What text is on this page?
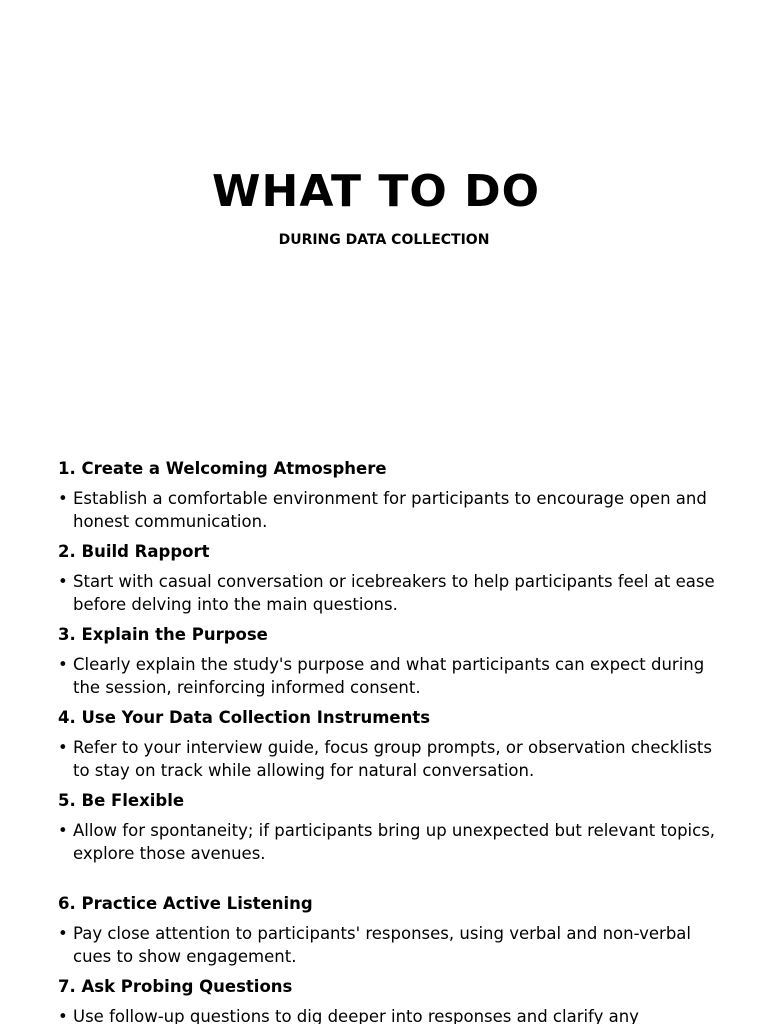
WHAT TO DO
DURING DATA COLLECTION
1. Create a Welcoming Atmosphere
• Establish a comfortable environment for participants to encourage open and honest communication.
2. Build Rapport
• Start with casual conversation or icebreakers to help participants feel at ease before delving into the main questions.
3. Explain the Purpose
• Clearly explain the study's purpose and what participants can expect during the session, reinforcing informed consent.
4. Use Your Data Collection Instruments
• Refer to your interview guide, focus group prompts, or observation checklists to stay on track while allowing for natural conversation.
5. Be Flexible
• Allow for spontaneity; if participants bring up unexpected but relevant topics, explore those avenues.
6. Practice Active Listening
• Pay close attention to participants' responses, using verbal and non-verbal cues to show engagement.
7. Ask Probing Questions
• Use follow-up questions to dig deeper into responses and clarify any
